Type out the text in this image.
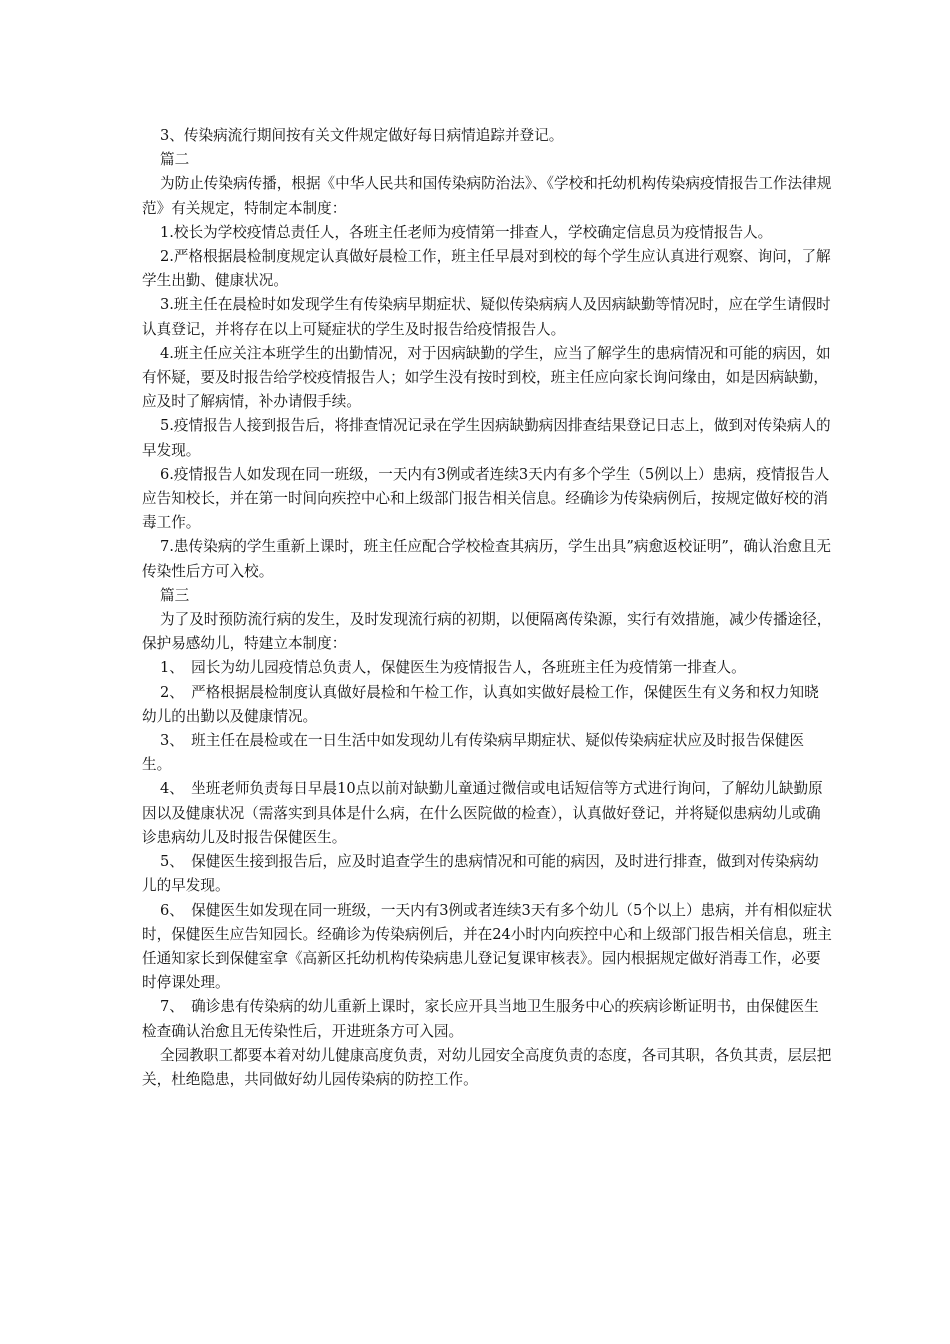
3、传染病流行期间按有关文件规定做好每日病情追踪并登记。

篇二

为防止传染病传播，根据《中华人民共和国传染病防治法》、《学校和托幼机构传染病疫情报告工作法律规范》有关规定，特制定本制度：

1.校长为学校疫情总责任人，各班主任老师为疫情第一排查人，学校确定信息员为疫情报告人。

2.严格根据晨检制度规定认真做好晨检工作，班主任早晨对到校的每个学生应认真进行观察、询问，了解学生出勤、健康状况。

3.班主任在晨检时如发现学生有传染病早期症状、疑似传染病病人及因病缺勤等情况时，应在学生请假时认真登记，并将存在以上可疑症状的学生及时报告给疫情报告人。

4.班主任应关注本班学生的出勤情况，对于因病缺勤的学生，应当了解学生的患病情况和可能的病因，如有怀疑，要及时报告给学校疫情报告人；如学生没有按时到校，班主任应向家长询问缘由，如是因病缺勤，应及时了解病情，补办请假手续。

5.疫情报告人接到报告后，将排查情况记录在学生因病缺勤病因排查结果登记日志上，做到对传染病人的早发现。

6.疫情报告人如发现在同一班级，一天内有3例或者连续3天内有多个学生（5例以上）患病，疫情报告人应告知校长，并在第一时间向疾控中心和上级部门报告相关信息。经确诊为传染病例后，按规定做好校的消毒工作。

7.患传染病的学生重新上课时，班主任应配合学校检查其病历，学生出具”病愈返校证明”，确认治愈且无传染性后方可入校。

篇三

为了及时预防流行病的发生，及时发现流行病的初期，以便隔离传染源，实行有效措施，减少传播途径，保护易感幼儿，特建立本制度：

1、　园长为幼儿园疫情总负责人，保健医生为疫情报告人，各班班主任为疫情第一排查人。

2、　严格根据晨检制度认真做好晨检和午检工作，认真如实做好晨检工作，保健医生有义务和权力知晓幼儿的出勤以及健康情况。

3、　班主任在晨检或在一日生活中如发现幼儿有传染病早期症状、疑似传染病症状应及时报告保健医生。

4、　坐班老师负责每日早晨10点以前对缺勤儿童通过微信或电话短信等方式进行询问，了解幼儿缺勤原因以及健康状况（需落实到具体是什么病，在什么医院做的检查），认真做好登记，并将疑似患病幼儿或确诊患病幼儿及时报告保健医生。

5、　保健医生接到报告后，应及时追查学生的患病情况和可能的病因，及时进行排查，做到对传染病幼儿的早发现。

6、　保健医生如发现在同一班级，一天内有3例或者连续3天有多个幼儿（5个以上）患病，并有相似症状时，保健医生应告知园长。经确诊为传染病例后，并在24小时内向疾控中心和上级部门报告相关信息，班主任通知家长到保健室拿《高新区托幼机构传染病患儿登记复课审核表》。园内根据规定做好消毒工作，必要时停课处理。

7、　确诊患有传染病的幼儿重新上课时，家长应开具当地卫生服务中心的疾病诊断证明书，由保健医生检查确认治愈且无传染性后，开进班条方可入园。

全园教职工都要本着对幼儿健康高度负责，对幼儿园安全高度负责的态度，各司其职，各负其责，层层把关，杜绝隐患，共同做好幼儿园传染病的防控工作。
